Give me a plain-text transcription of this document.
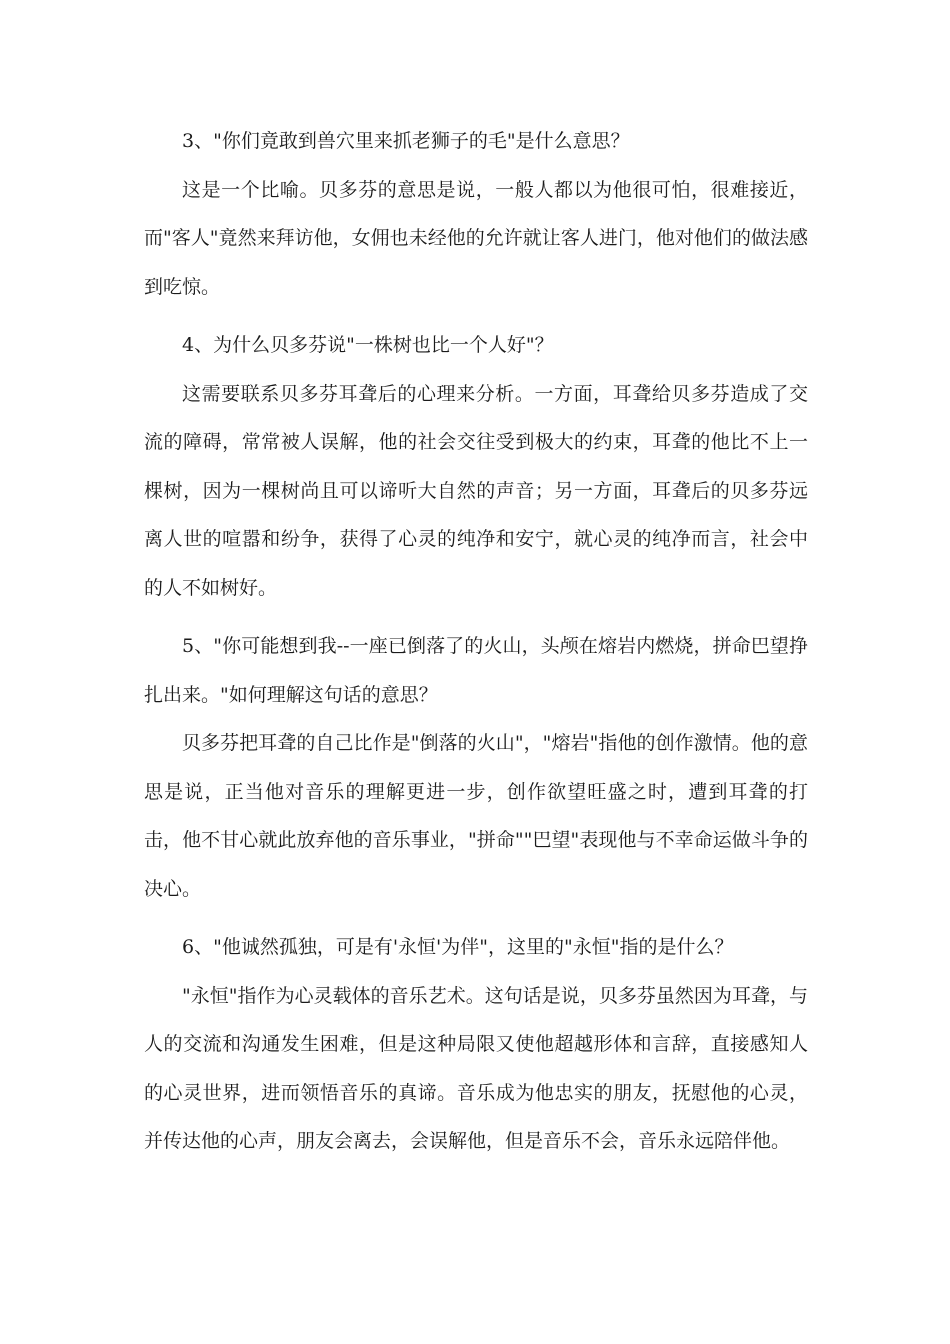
3、"你们竟敢到兽穴里来抓老狮子的毛"是什么意思？

这是一个比喻。贝多芬的意思是说，一般人都以为他很可怕，很难接近，而"客人"竟然来拜访他，女佣也未经他的允许就让客人进门，他对他们的做法感到吃惊。

4、为什么贝多芬说"一株树也比一个人好"？

这需要联系贝多芬耳聋后的心理来分析。一方面，耳聋给贝多芬造成了交流的障碍，常常被人误解，他的社会交往受到极大的约束，耳聋的他比不上一棵树，因为一棵树尚且可以谛听大自然的声音；另一方面，耳聋后的贝多芬远离人世的喧嚣和纷争，获得了心灵的纯净和安宁，就心灵的纯净而言，社会中的人不如树好。

5、"你可能想到我--一座已倒落了的火山，头颅在熔岩内燃烧，拼命巴望挣扎出来。"如何理解这句话的意思？

贝多芬把耳聋的自己比作是"倒落的火山"，"熔岩"指他的创作激情。他的意思是说，正当他对音乐的理解更进一步，创作欲望旺盛之时，遭到耳聋的打击，他不甘心就此放弃他的音乐事业，"拼命""巴望"表现他与不幸命运做斗争的决心。

6、"他诚然孤独，可是有'永恒'为伴"，这里的"永恒"指的是什么？

"永恒"指作为心灵载体的音乐艺术。这句话是说，贝多芬虽然因为耳聋，与人的交流和沟通发生困难，但是这种局限又使他超越形体和言辞，直接感知人的心灵世界，进而领悟音乐的真谛。音乐成为他忠实的朋友，抚慰他的心灵，并传达他的心声，朋友会离去，会误解他，但是音乐不会，音乐永远陪伴他。
